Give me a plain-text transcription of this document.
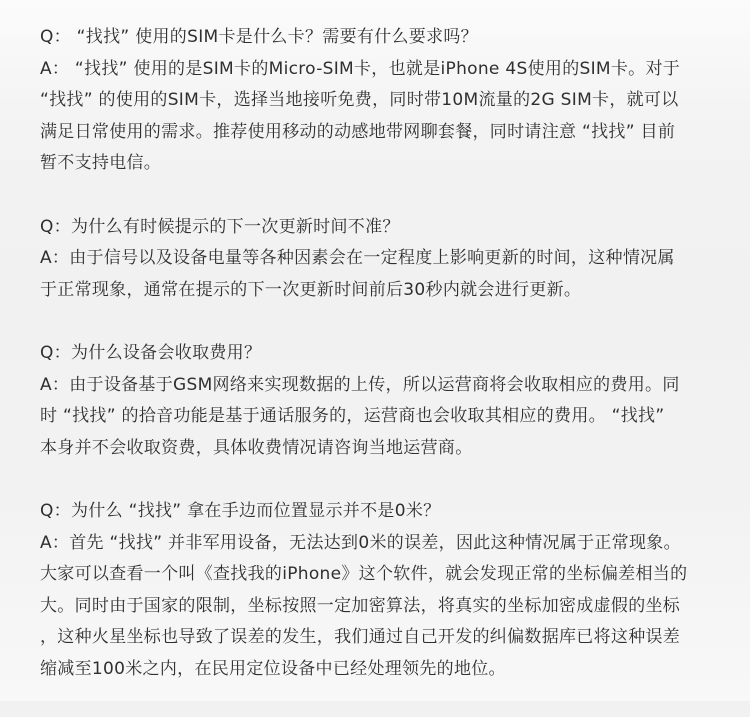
Q： “找找” 使用的SIM卡是什么卡？需要有什么要求吗？
A： “找找” 使用的是SIM卡的Micro-SIM卡，也就是iPhone 4S使用的SIM卡。对于
“找找” 的使用的SIM卡，选择当地接听免费，同时带10M流量的2G SIM卡，就可以
满足日常使用的需求。推荐使用移动的动感地带网聊套餐，同时请注意 “找找” 目前
暂不支持电信。
Q：为什么有时候提示的下一次更新时间不准？
A：由于信号以及设备电量等各种因素会在一定程度上影响更新的时间，这种情况属
于正常现象，通常在提示的下一次更新时间前后30秒内就会进行更新。
Q：为什么设备会收取费用？
A：由于设备基于GSM网络来实现数据的上传，所以运营商将会收取相应的费用。同
时 “找找” 的拾音功能是基于通话服务的，运营商也会收取其相应的费用。 “找找”
本身并不会收取资费，具体收费情况请咨询当地运营商。
Q：为什么 “找找” 拿在手边而位置显示并不是0米？
A：首先 “找找” 并非军用设备，无法达到0米的误差，因此这种情况属于正常现象。
大家可以查看一个叫《查找我的iPhone》这个软件，就会发现正常的坐标偏差相当的
大。同时由于国家的限制，坐标按照一定加密算法，将真实的坐标加密成虚假的坐标
，这种火星坐标也导致了误差的发生，我们通过自己开发的纠偏数据库已将这种误差
缩减至100米之内，在民用定位设备中已经处理领先的地位。
